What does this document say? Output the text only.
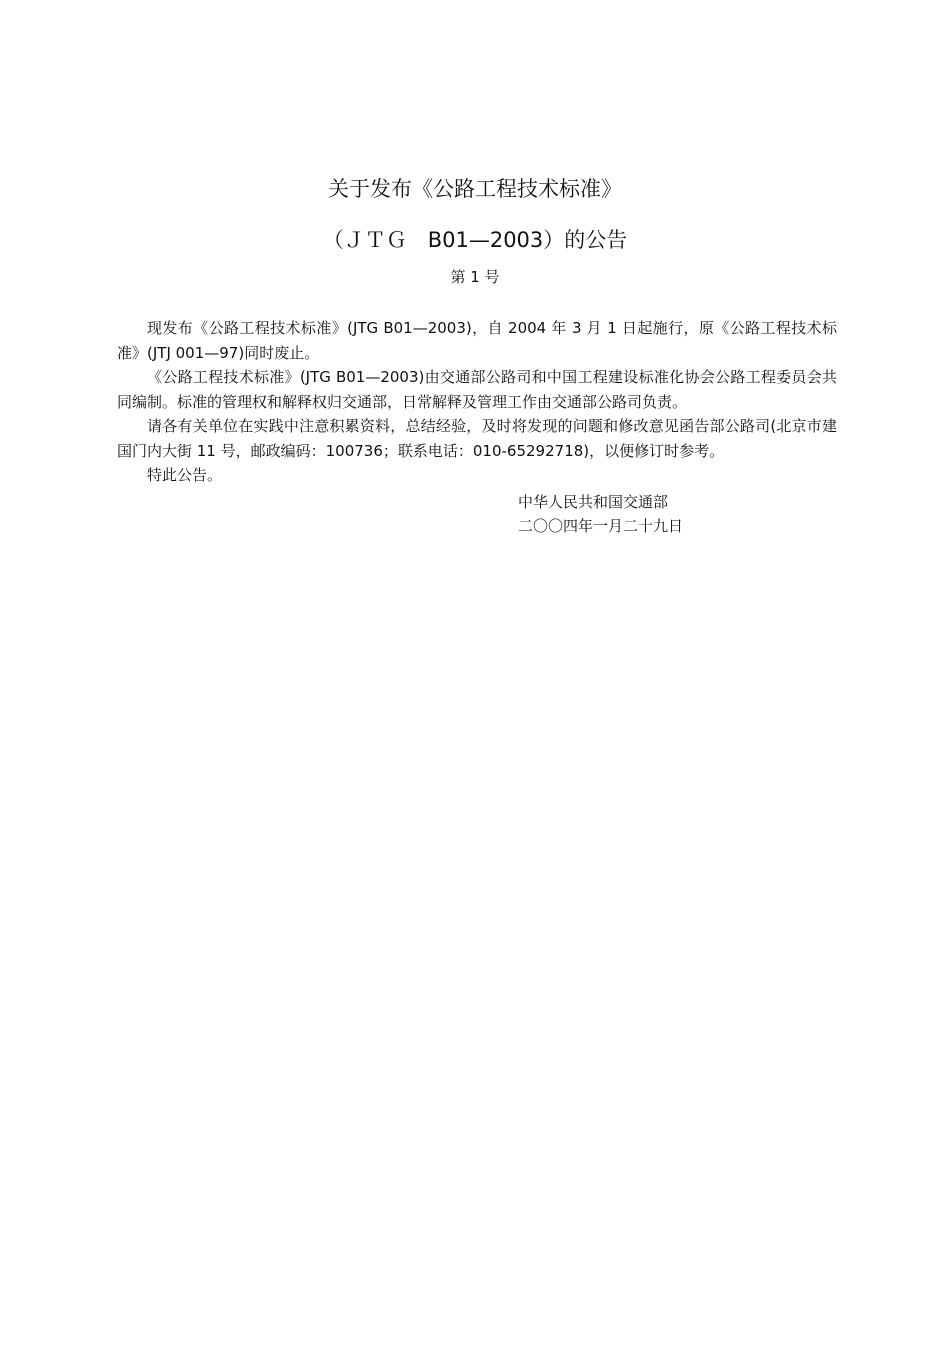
关于发布《公路工程技术标准》
（ＪＴＧ　B01—2003）的公告
第 1 号

现发布《公路工程技术标准》(JTG B01—2003)，自 2004 年 3 月 1 日起施行，原《公路工程技术标准》(JTJ 001—97)同时废止。

《公路工程技术标准》(JTG B01—2003)由交通部公路司和中国工程建设标准化协会公路工程委员会共同编制。标准的管理权和解释权归交通部，日常解释及管理工作由交通部公路司负责。

请各有关单位在实践中注意积累资料，总结经验，及时将发现的问题和修改意见函告部公路司(北京市建国门内大街 11 号，邮政编码：100736；联系电话：010-65292718)，以便修订时参考。

特此公告。

中华人民共和国交通部
二〇〇四年一月二十九日
